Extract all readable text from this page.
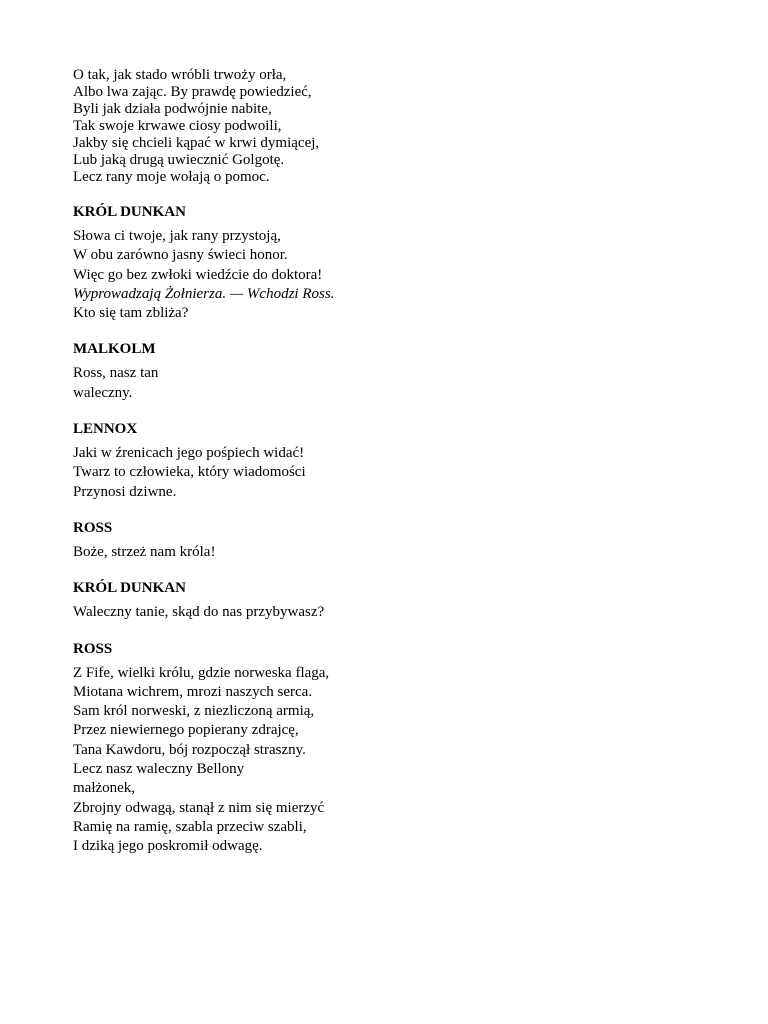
O tak, jak stado wróbli trwoży orła,
Albo lwa zając. By prawdę powiedzieć,
Byli jak działa podwójnie nabite,
Tak swoje krwawe ciosy podwoili,
Jakby się chcieli kąpać w krwi dymiącej,
Lub jaką drugą uwiecznić Golgotę.
Lecz rany moje wołają o pomoc.
KRÓL DUNKAN
Słowa ci twoje, jak rany przystoją,
W obu zarówno jasny świeci honor.
Więc go bez zwłoki wiedźcie do doktora!
Wyprowadzają Żołnierza. — Wchodzi Ross.
Kto się tam zbliża?
MALKOLM
Ross, nasz tan
waleczny.
LENNOX
Jaki w źrenicach jego pośpiech widać!
Twarz to człowieka, który wiadomości
Przynosi dziwne.
ROSS
Boże, strzeż nam króla!
KRÓL DUNKAN
Waleczny tanie, skąd do nas przybywasz?
ROSS
Z Fife, wielki królu, gdzie norweska flaga,
Miotana wichrem, mrozi naszych serca.
Sam król norweski, z niezliczoną armią,
Przez niewiernego popierany zdrajcę,
Tana Kawdoru, bój rozpoczął straszny.
Lecz nasz waleczny Bellony
małżonek,
Zbrojny odwagą, stanął z nim się mierzyć
Ramię na ramię, szabla przeciw szabli,
I dziką jego poskromił odwagę.
